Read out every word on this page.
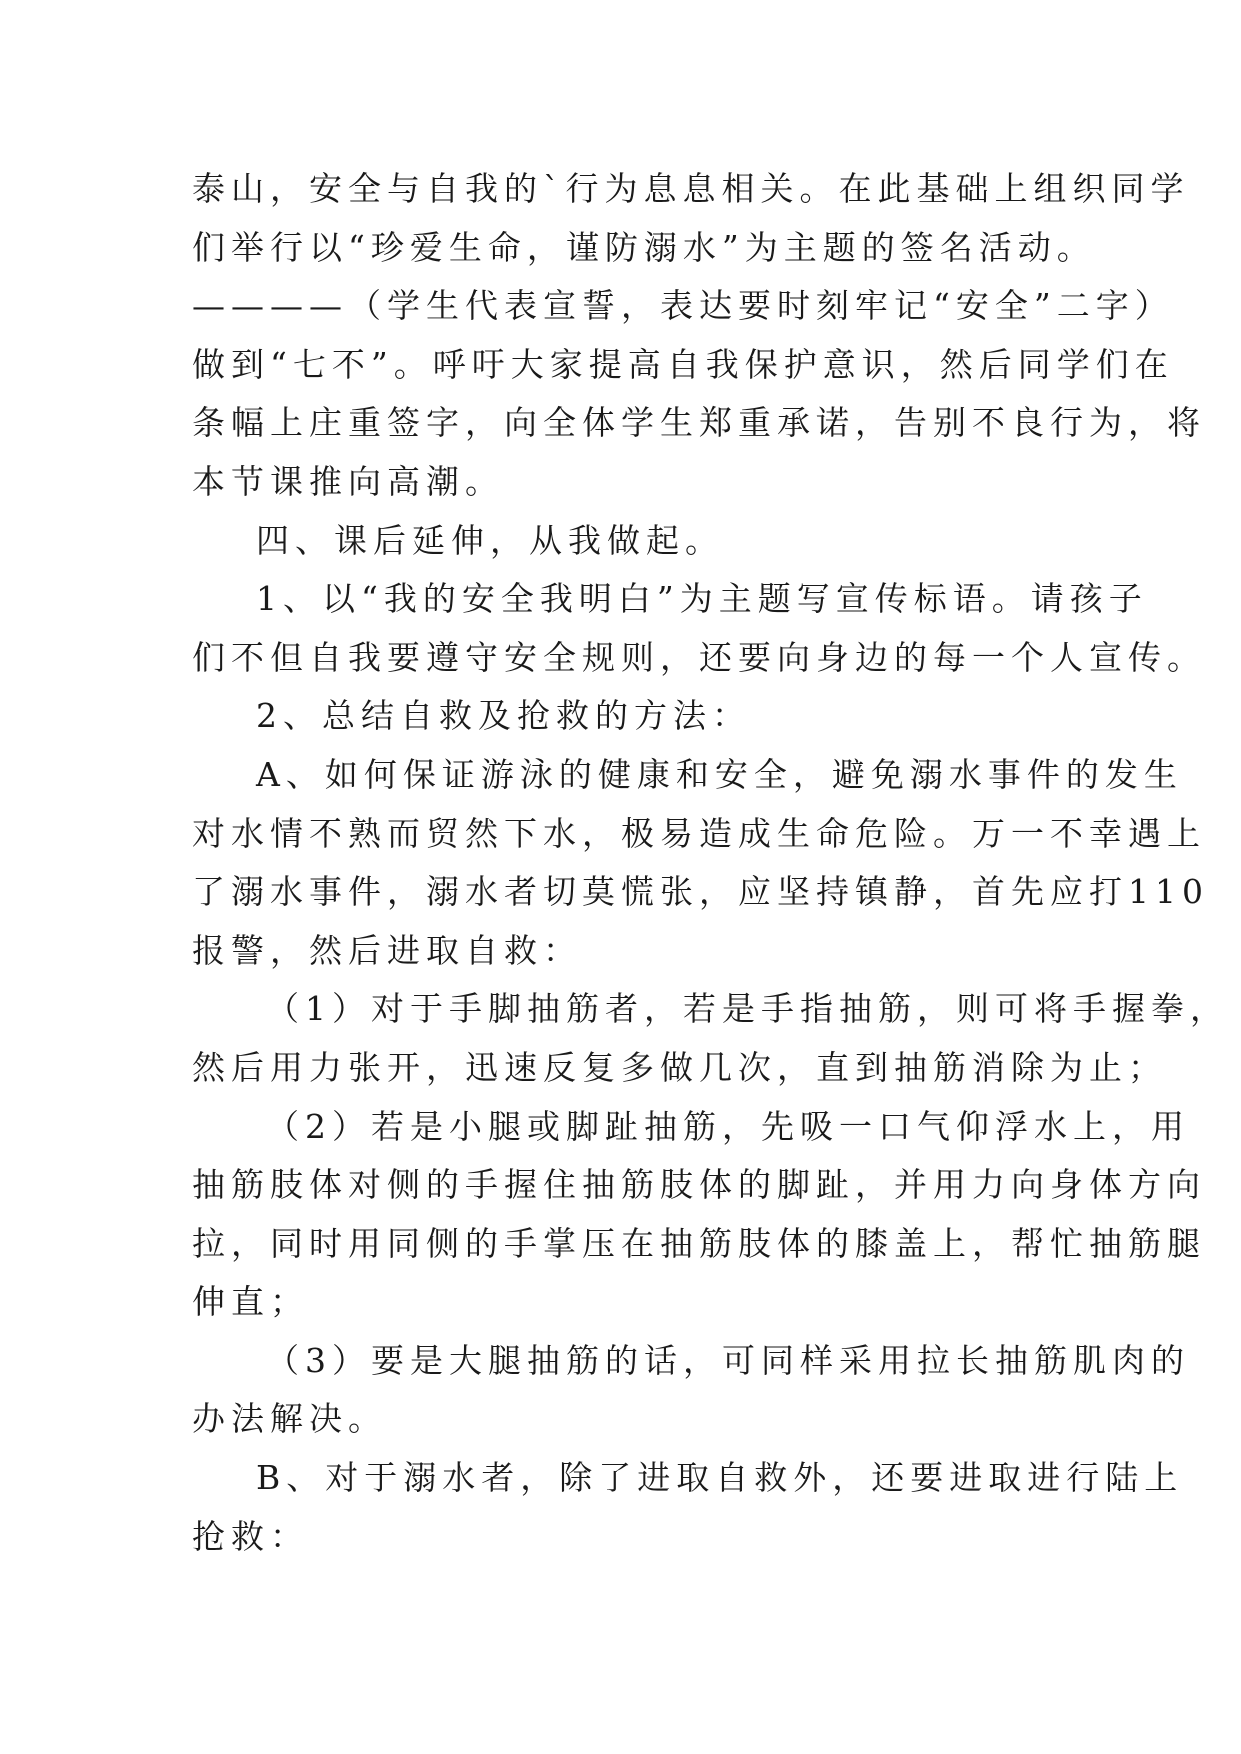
泰山，安全与自我的`行为息息相关。在此基础上组织同学
们举行以“珍爱生命，谨防溺水”为主题的签名活动。
————（学生代表宣誓，表达要时刻牢记“安全”二字）
做到“七不”。呼吁大家提高自我保护意识，然后同学们在
条幅上庄重签字，向全体学生郑重承诺，告别不良行为，将
本节课推向高潮。
四、课后延伸，从我做起。
1、以“我的安全我明白”为主题写宣传标语。请孩子
们不但自我要遵守安全规则，还要向身边的每一个人宣传。
2、总结自救及抢救的方法：
A、如何保证游泳的健康和安全，避免溺水事件的发生
对水情不熟而贸然下水，极易造成生命危险。万一不幸遇上
了溺水事件，溺水者切莫慌张，应坚持镇静，首先应打110
报警，然后进取自救：
（1）对于手脚抽筋者，若是手指抽筋，则可将手握拳，
然后用力张开，迅速反复多做几次，直到抽筋消除为止；
（2）若是小腿或脚趾抽筋，先吸一口气仰浮水上，用
抽筋肢体对侧的手握住抽筋肢体的脚趾，并用力向身体方向
拉，同时用同侧的手掌压在抽筋肢体的膝盖上，帮忙抽筋腿
伸直；
（3）要是大腿抽筋的话，可同样采用拉长抽筋肌肉的
办法解决。
B、对于溺水者，除了进取自救外，还要进取进行陆上
抢救：
